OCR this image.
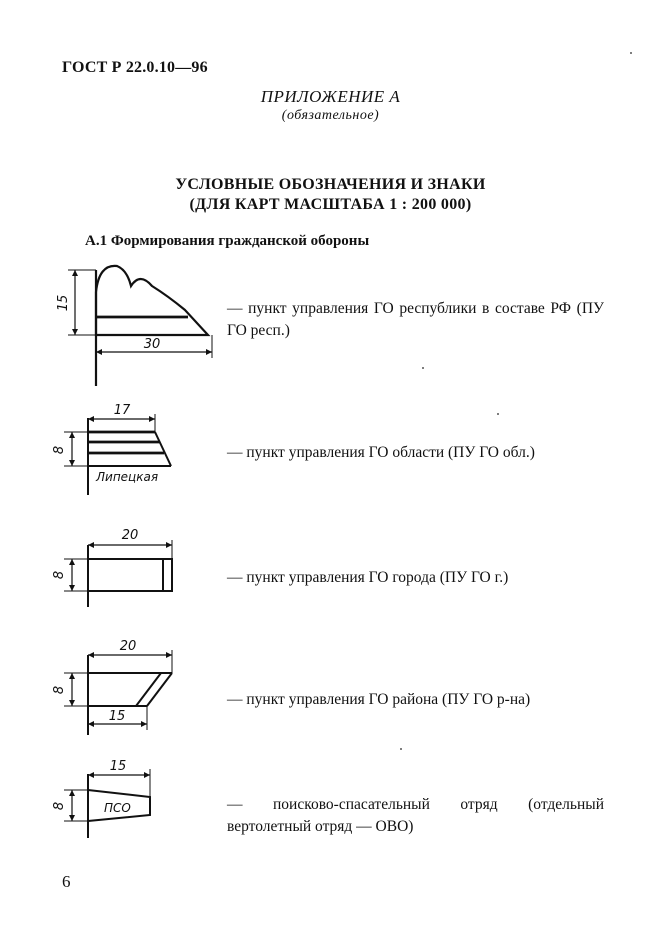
ГОСТ Р 22.0.10—96
ПРИЛОЖЕНИЕ А
(обязательное)
УСЛОВНЫЕ ОБОЗНАЧЕНИЯ И ЗНАКИ
(ДЛЯ КАРТ МАСШТАБА 1 : 200 000)
А.1 Формирования гражданской обороны
15
30
17
8
Липецкая
20
8
20
15
8
15
8	ПСО
— пункт управления ГО республики в составе РФ (ПУ ГО респ.)
— пункт управления ГО области (ПУ ГО обл.)
— пункт управления ГО города (ПУ ГО г.)
— пункт управления ГО района (ПУ ГО р-на)
— поисково-спасательный отряд (отдельный вертолетный отряд — ОВО)
6
